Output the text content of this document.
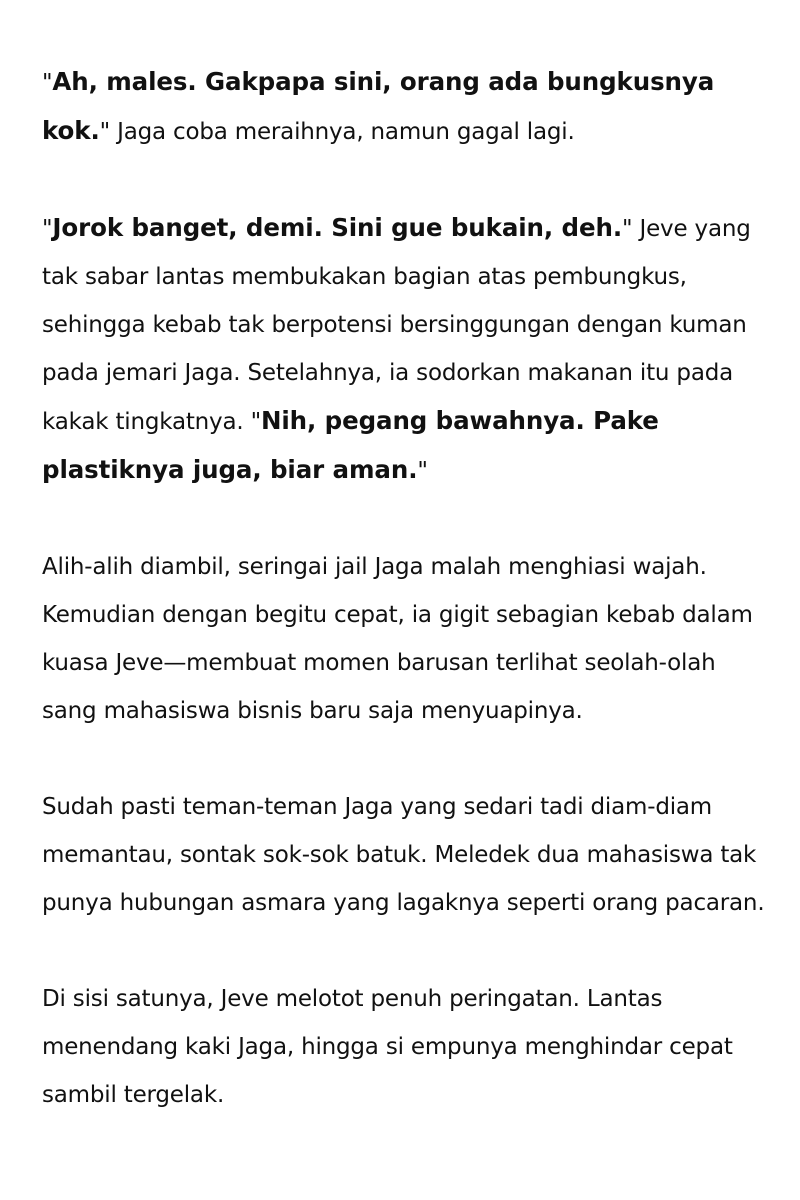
"Ah, males. Gakpapa sini, orang ada bungkusnya kok." Jaga coba meraihnya, namun gagal lagi.

"Jorok banget, demi. Sini gue bukain, deh." Jeve yang tak sabar lantas membukakan bagian atas pembungkus, sehingga kebab tak berpotensi bersinggungan dengan kuman pada jemari Jaga. Setelahnya, ia sodorkan makanan itu pada kakak tingkatnya. "Nih, pegang bawahnya. Pake plastiknya juga, biar aman."

Alih-alih diambil, seringai jail Jaga malah menghiasi wajah. Kemudian dengan begitu cepat, ia gigit sebagian kebab dalam kuasa Jeve—membuat momen barusan terlihat seolah-olah sang mahasiswa bisnis baru saja menyuapinya.

Sudah pasti teman-teman Jaga yang sedari tadi diam-diam memantau, sontak sok-sok batuk. Meledek dua mahasiswa tak punya hubungan asmara yang lagaknya seperti orang pacaran.

Di sisi satunya, Jeve melotot penuh peringatan. Lantas menendang kaki Jaga, hingga si empunya menghindar cepat sambil tergelak.
